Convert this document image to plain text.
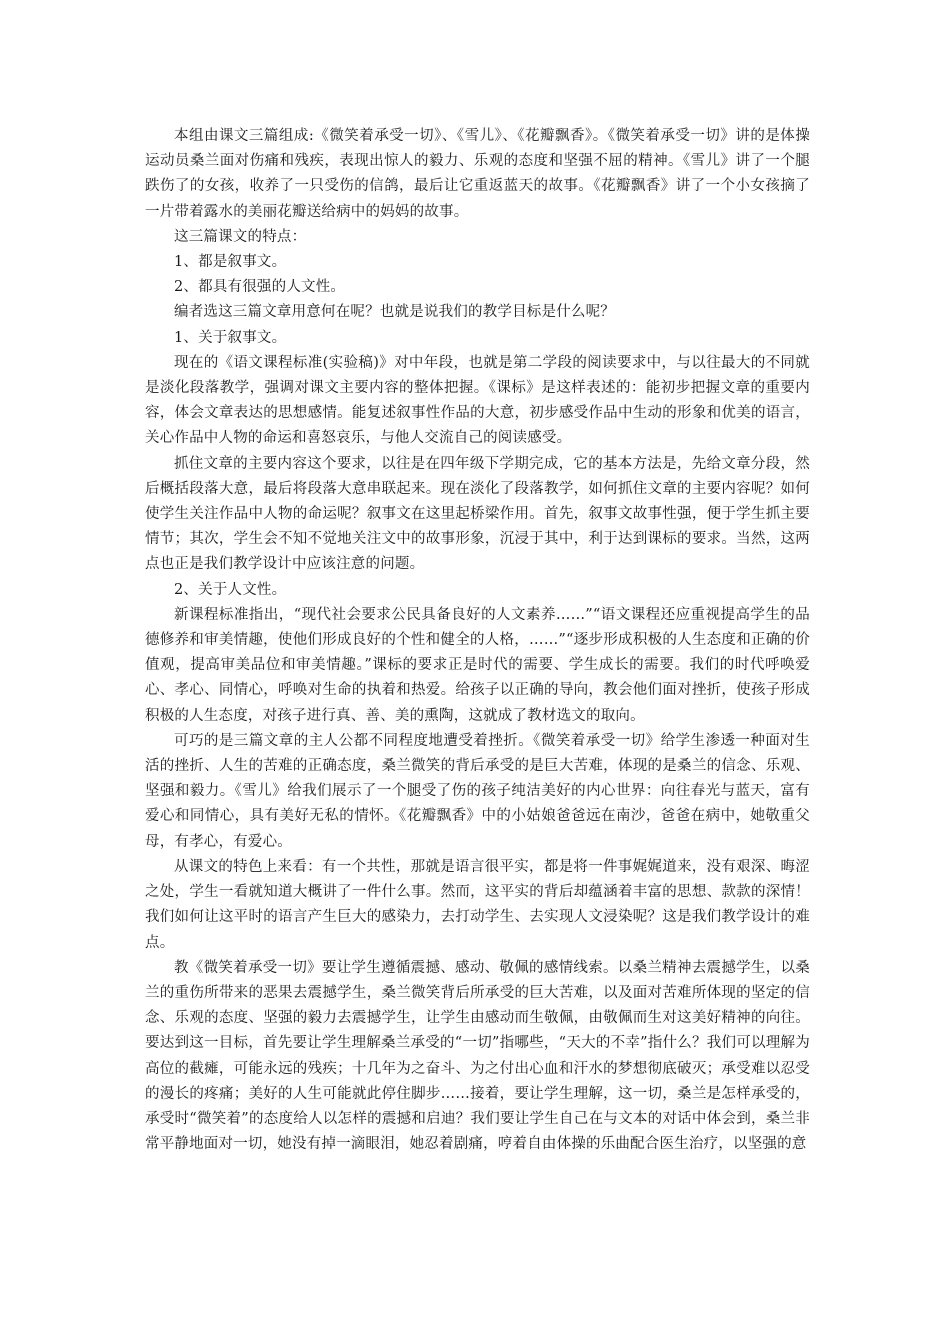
本组由课文三篇组成:《微笑着承受一切》、《雪儿》、《花瓣飘香》。《微笑着承受一切》讲的是体操运动员桑兰面对伤痛和残疾，表现出惊人的毅力、乐观的态度和坚强不屈的精神。《雪儿》讲了一个腿跌伤了的女孩，收养了一只受伤的信鸽，最后让它重返蓝天的故事。《花瓣飘香》讲了一个小女孩摘了一片带着露水的美丽花瓣送给病中的妈妈的故事。

这三篇课文的特点：

1、都是叙事文。

2、都具有很强的人文性。

编者选这三篇文章用意何在呢？也就是说我们的教学目标是什么呢？

1、关于叙事文。

现在的《语文课程标准(实验稿)》对中年段，也就是第二学段的阅读要求中，与以往最大的不同就是淡化段落教学，强调对课文主要内容的整体把握。《课标》是这样表述的：能初步把握文章的重要内容，体会文章表达的思想感情。能复述叙事性作品的大意，初步感受作品中生动的形象和优美的语言，关心作品中人物的命运和喜怒哀乐，与他人交流自己的阅读感受。

抓住文章的主要内容这个要求，以往是在四年级下学期完成，它的基本方法是，先给文章分段，然后概括段落大意，最后将段落大意串联起来。现在淡化了段落教学，如何抓住文章的主要内容呢？如何使学生关注作品中人物的命运呢？叙事文在这里起桥梁作用。首先，叙事文故事性强，便于学生抓主要情节；其次，学生会不知不觉地关注文中的故事形象，沉浸于其中，利于达到课标的要求。当然，这两点也正是我们教学设计中应该注意的问题。

2、关于人文性。

新课程标准指出，“现代社会要求公民具备良好的人文素养……”“语文课程还应重视提高学生的品德修养和审美情趣，使他们形成良好的个性和健全的人格，……”“逐步形成积极的人生态度和正确的价值观，提高审美品位和审美情趣。”课标的要求正是时代的需要、学生成长的需要。我们的时代呼唤爱心、孝心、同情心，呼唤对生命的执着和热爱。给孩子以正确的导向，教会他们面对挫折，使孩子形成积极的人生态度，对孩子进行真、善、美的熏陶，这就成了教材选文的取向。

可巧的是三篇文章的主人公都不同程度地遭受着挫折。《微笑着承受一切》给学生渗透一种面对生活的挫折、人生的苦难的正确态度，桑兰微笑的背后承受的是巨大苦难，体现的是桑兰的信念、乐观、坚强和毅力。《雪儿》给我们展示了一个腿受了伤的孩子纯洁美好的内心世界：向往春光与蓝天，富有爱心和同情心，具有美好无私的情怀。《花瓣飘香》中的小姑娘爸爸远在南沙，爸爸在病中，她敬重父母，有孝心，有爱心。

从课文的特色上来看：有一个共性，那就是语言很平实，都是将一件事娓娓道来，没有艰深、晦涩之处，学生一看就知道大概讲了一件什么事。然而，这平实的背后却蕴涵着丰富的思想、款款的深情！我们如何让这平时的语言产生巨大的感染力，去打动学生、去实现人文浸染呢？这是我们教学设计的难点。

教《微笑着承受一切》要让学生遵循震撼、感动、敬佩的感情线索。以桑兰精神去震撼学生，以桑兰的重伤所带来的恶果去震撼学生，桑兰微笑背后所承受的巨大苦难，以及面对苦难所体现的坚定的信念、乐观的态度、坚强的毅力去震撼学生，让学生由感动而生敬佩，由敬佩而生对这美好精神的向往。要达到这一目标，首先要让学生理解桑兰承受的“一切”指哪些，“天大的不幸”指什么？我们可以理解为高位的截瘫，可能永远的残疾；十几年为之奋斗、为之付出心血和汗水的梦想彻底破灭；承受难以忍受的漫长的疼痛；美好的人生可能就此停住脚步……接着，要让学生理解，这一切，桑兰是怎样承受的，承受时“微笑着”的态度给人以怎样的震撼和启迪？我们要让学生自己在与文本的对话中体会到，桑兰非常平静地面对一切，她没有掉一滴眼泪，她忍着剧痛，哼着自由体操的乐曲配合医生治疗，以坚强的意
